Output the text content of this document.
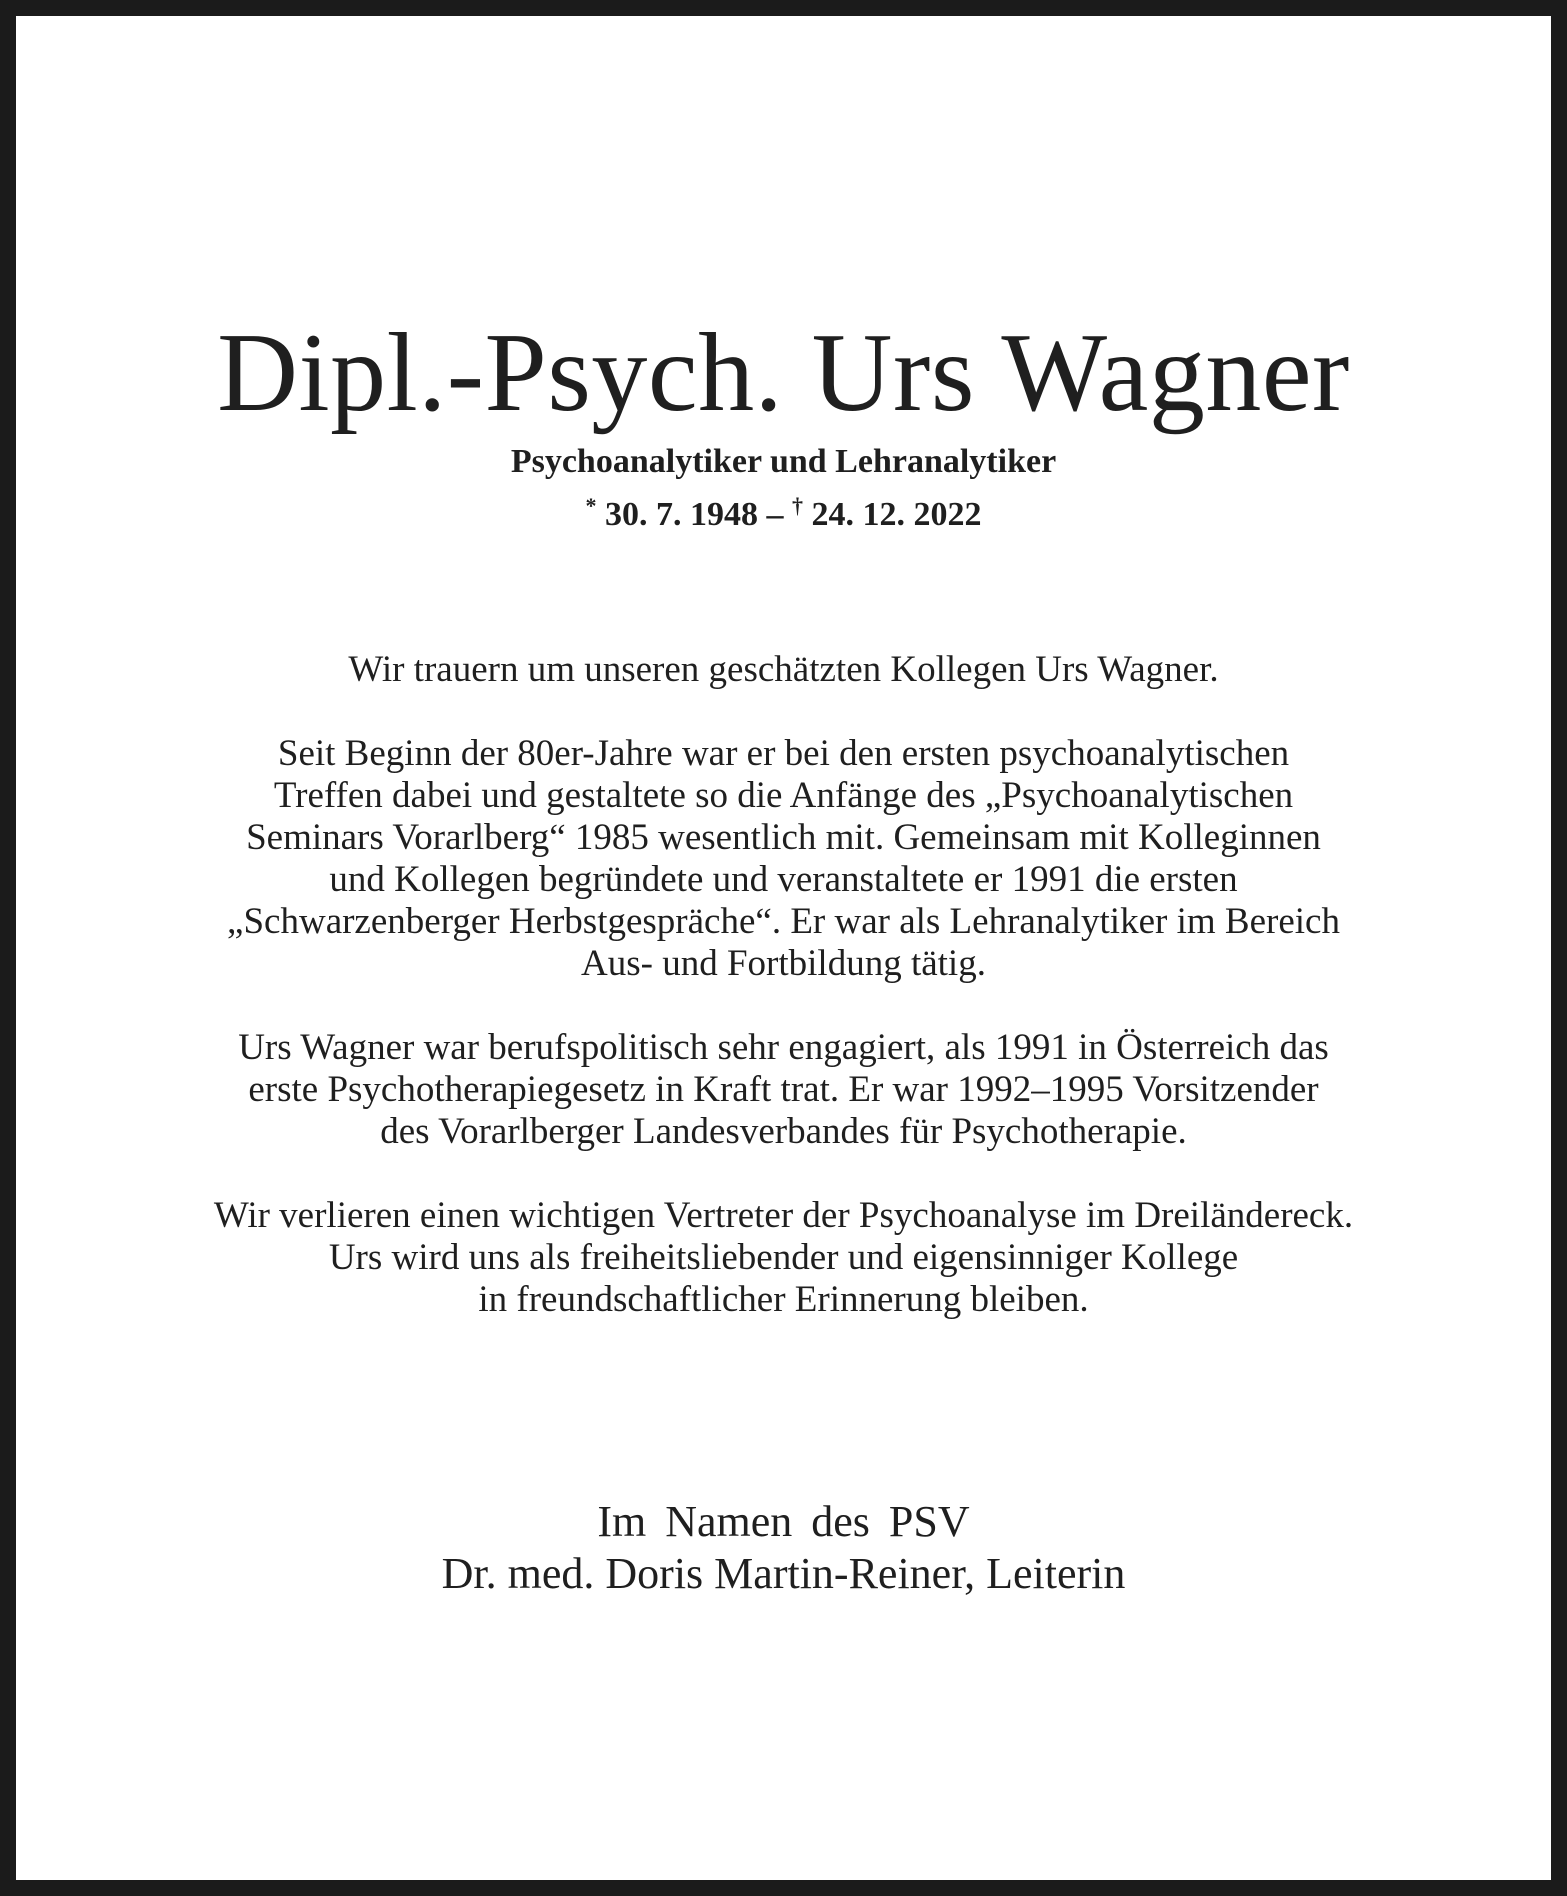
Dipl.-Psych. Urs Wagner
Psychoanalytiker und Lehranalytiker
* 30. 7. 1948 – † 24. 12. 2022

Wir trauern um unseren geschätzten Kollegen Urs Wagner.

Seit Beginn der 80er-Jahre war er bei den ersten psychoanalytischen
Treffen dabei und gestaltete so die Anfänge des „Psychoanalytischen
Seminars Vorarlberg“ 1985 wesentlich mit. Gemeinsam mit Kolleginnen
und Kollegen begründete und veranstaltete er 1991 die ersten
„Schwarzenberger Herbstgespräche“. Er war als Lehranalytiker im Bereich
Aus- und Fortbildung tätig.

Urs Wagner war berufspolitisch sehr engagiert, als 1991 in Österreich das
erste Psychotherapiegesetz in Kraft trat. Er war 1992–1995 Vorsitzender
des Vorarlberger Landesverbandes für Psychotherapie.

Wir verlieren einen wichtigen Vertreter der Psychoanalyse im Dreiländereck.
Urs wird uns als freiheitsliebender und eigensinniger Kollege
in freundschaftlicher Erinnerung bleiben.

Im Namen des PSV
Dr. med. Doris Martin-Reiner, Leiterin
